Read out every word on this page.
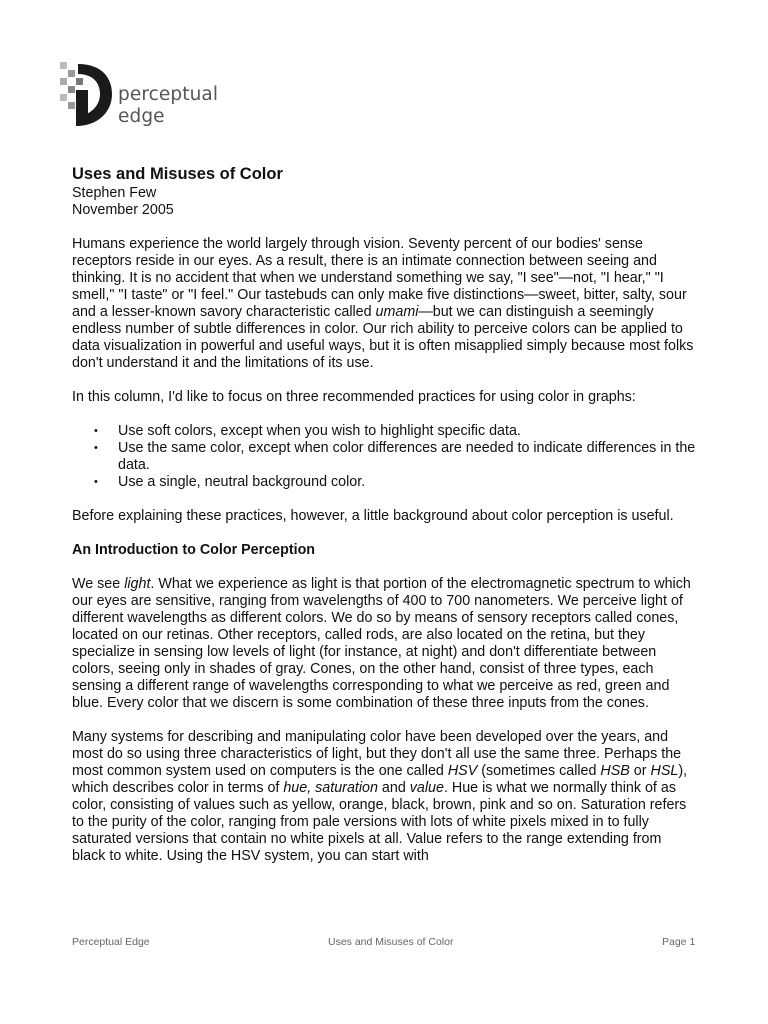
perceptual
edge
Uses and Misuses of Color

Stephen Few

November 2005

Humans experience the world largely through vision. Seventy percent of our bodies' sense receptors reside in our eyes. As a result, there is an intimate connection between seeing and thinking. It is no accident that when we understand something we say, "I see"—not, "I hear," "I smell," "I taste" or "I feel." Our tastebuds can only make five distinctions—sweet, bitter, salty, sour and a lesser-known savory characteristic called umami—but we can distinguish a seemingly endless number of subtle differences in color. Our rich ability to perceive colors can be applied to data visualization in powerful and useful ways, but it is often misapplied simply because most folks don't understand it and the limitations of its use.

In this column, I'd like to focus on three recommended practices for using color in graphs:

• Use soft colors, except when you wish to highlight specific data.
• Use the same color, except when color differences are needed to indicate differences in the data.
• Use a single, neutral background color.

Before explaining these practices, however, a little background about color perception is useful.

An Introduction to Color Perception

We see light. What we experience as light is that portion of the electromagnetic spectrum to which our eyes are sensitive, ranging from wavelengths of 400 to 700 nanometers. We perceive light of different wavelengths as different colors. We do so by means of sensory receptors called cones, located on our retinas. Other receptors, called rods, are also located on the retina, but they specialize in sensing low levels of light (for instance, at night) and don't differentiate between colors, seeing only in shades of gray. Cones, on the other hand, consist of three types, each sensing a different range of wavelengths corresponding to what we perceive as red, green and blue. Every color that we discern is some combination of these three inputs from the cones.

Many systems for describing and manipulating color have been developed over the years, and most do so using three characteristics of light, but they don't all use the same three. Perhaps the most common system used on computers is the one called HSV (sometimes called HSB or HSL), which describes color in terms of hue, saturation and value. Hue is what we normally think of as color, consisting of values such as yellow, orange, black, brown, pink and so on. Saturation refers to the purity of the color, ranging from pale versions with lots of white pixels mixed in to fully saturated versions that contain no white pixels at all. Value refers to the range extending from black to white. Using the HSV system, you can start with

Perceptual Edge	Uses and Misuses of Color	Page 1
